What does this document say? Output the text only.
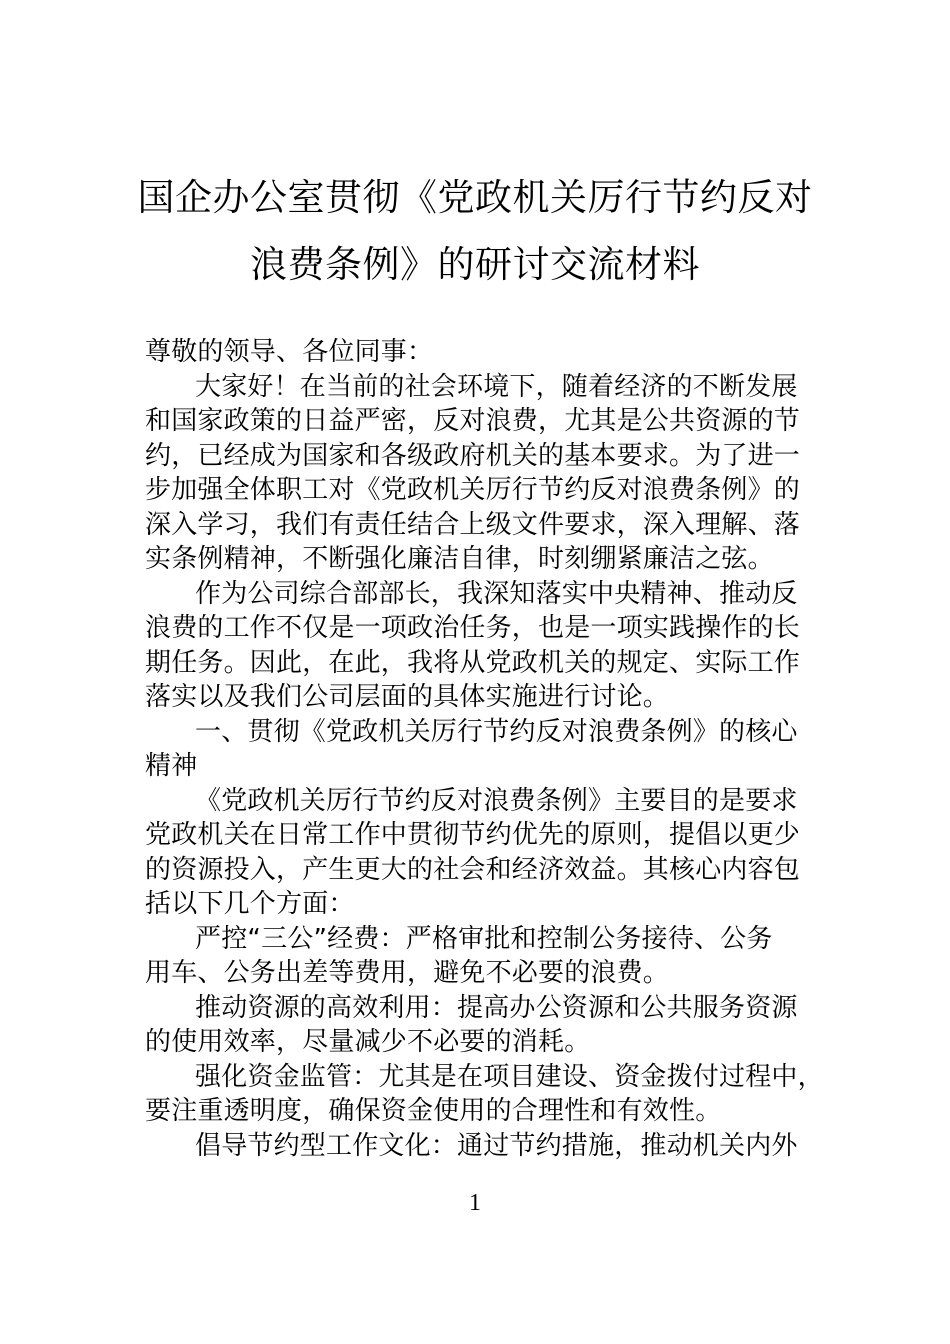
国企办公室贯彻《党政机关厉行节约反对
浪费条例》的研讨交流材料
尊敬的领导、各位同事：
大家好！在当前的社会环境下，随着经济的不断发展
和国家政策的日益严密，反对浪费，尤其是公共资源的节
约，已经成为国家和各级政府机关的基本要求。为了进一
步加强全体职工对《党政机关厉行节约反对浪费条例》的
深入学习，我们有责任结合上级文件要求，深入理解、落
实条例精神，不断强化廉洁自律，时刻绷紧廉洁之弦。
作为公司综合部部长，我深知落实中央精神、推动反
浪费的工作不仅是一项政治任务，也是一项实践操作的长
期任务。因此，在此，我将从党政机关的规定、实际工作
落实以及我们公司层面的具体实施进行讨论。
一、贯彻《党政机关厉行节约反对浪费条例》的核心
精神
《党政机关厉行节约反对浪费条例》主要目的是要求
党政机关在日常工作中贯彻节约优先的原则，提倡以更少
的资源投入，产生更大的社会和经济效益。其核心内容包
括以下几个方面：
严控“三公”经费：严格审批和控制公务接待、公务
用车、公务出差等费用，避免不必要的浪费。
推动资源的高效利用：提高办公资源和公共服务资源
的使用效率，尽量减少不必要的消耗。
强化资金监管：尤其是在项目建设、资金拨付过程中，
要注重透明度，确保资金使用的合理性和有效性。
倡导节约型工作文化：通过节约措施，推动机关内外
1
